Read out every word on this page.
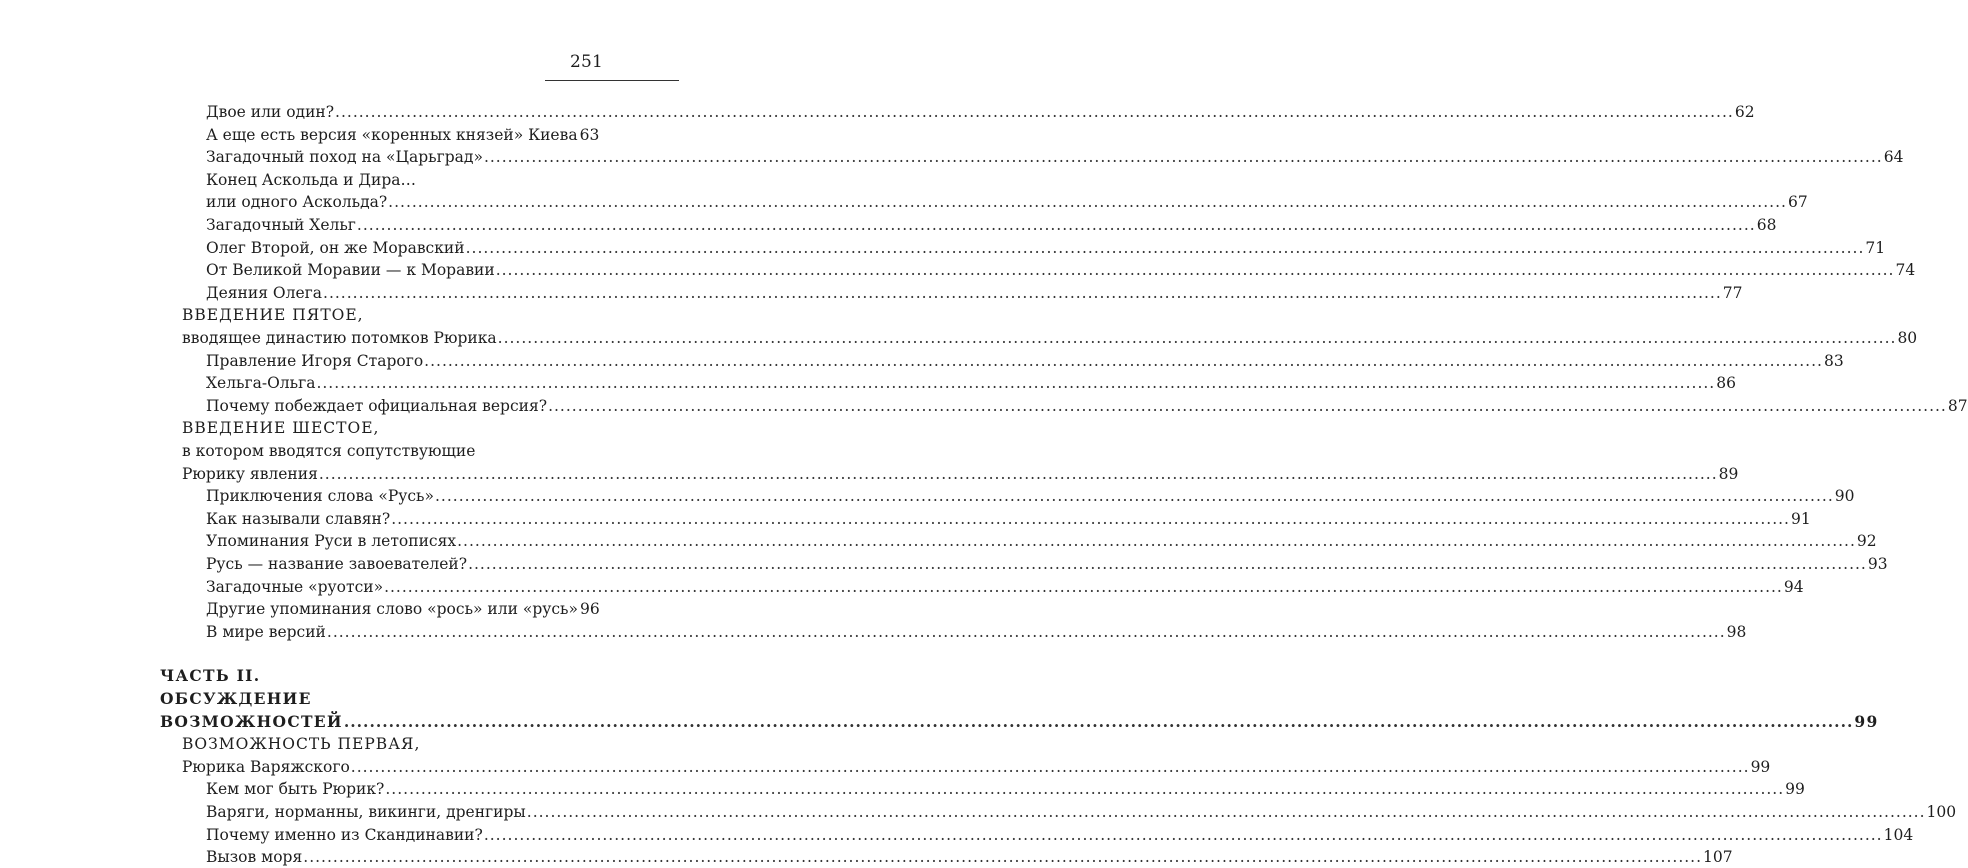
251
Двое или один? .....	62
А еще есть версия «коренных князей» Киева 63
Загадочный поход на «Царьград» .....	64
Конец Аскольда и Дира…
или одного Аскольда? .....	67
Загадочный Хельг .....	68
Олег Второй, он же Моравский .....	71
От Великой Моравии — к Моравии .....	74
Деяния Олега .....	77
ВВЕДЕНИЕ ПЯТОЕ,
вводящее династию потомков Рюрика .....	80
Правление Игоря Старого .....	83
Хельга-Ольга .....	86
Почему побеждает официальная версия? .....	87
ВВЕДЕНИЕ ШЕСТОЕ,
в котором вводятся сопутствующие
Рюрику явления .....	89
Приключения слова «Русь» .....	90
Как называли славян? .....	91
Упоминания Руси в летописях .....	92
Русь — название завоевателей? .....	93
Загадочные «руотси» .....	94
Другие упоминания слово «рось» или «русь» 96
В мире версий .....	98
ЧАСТЬ II.
ОБСУЖДЕНИЕ
ВОЗМОЖНОСТЕЙ .....	99
ВОЗМОЖНОСТЬ ПЕРВАЯ,
Рюрика Варяжского .....	99
Кем мог быть Рюрик? .....	99
Варяги, норманны, викинги, дренгиры .....	100
Почему именно из Скандинавии? .....	104
Вызов моря .....	107
